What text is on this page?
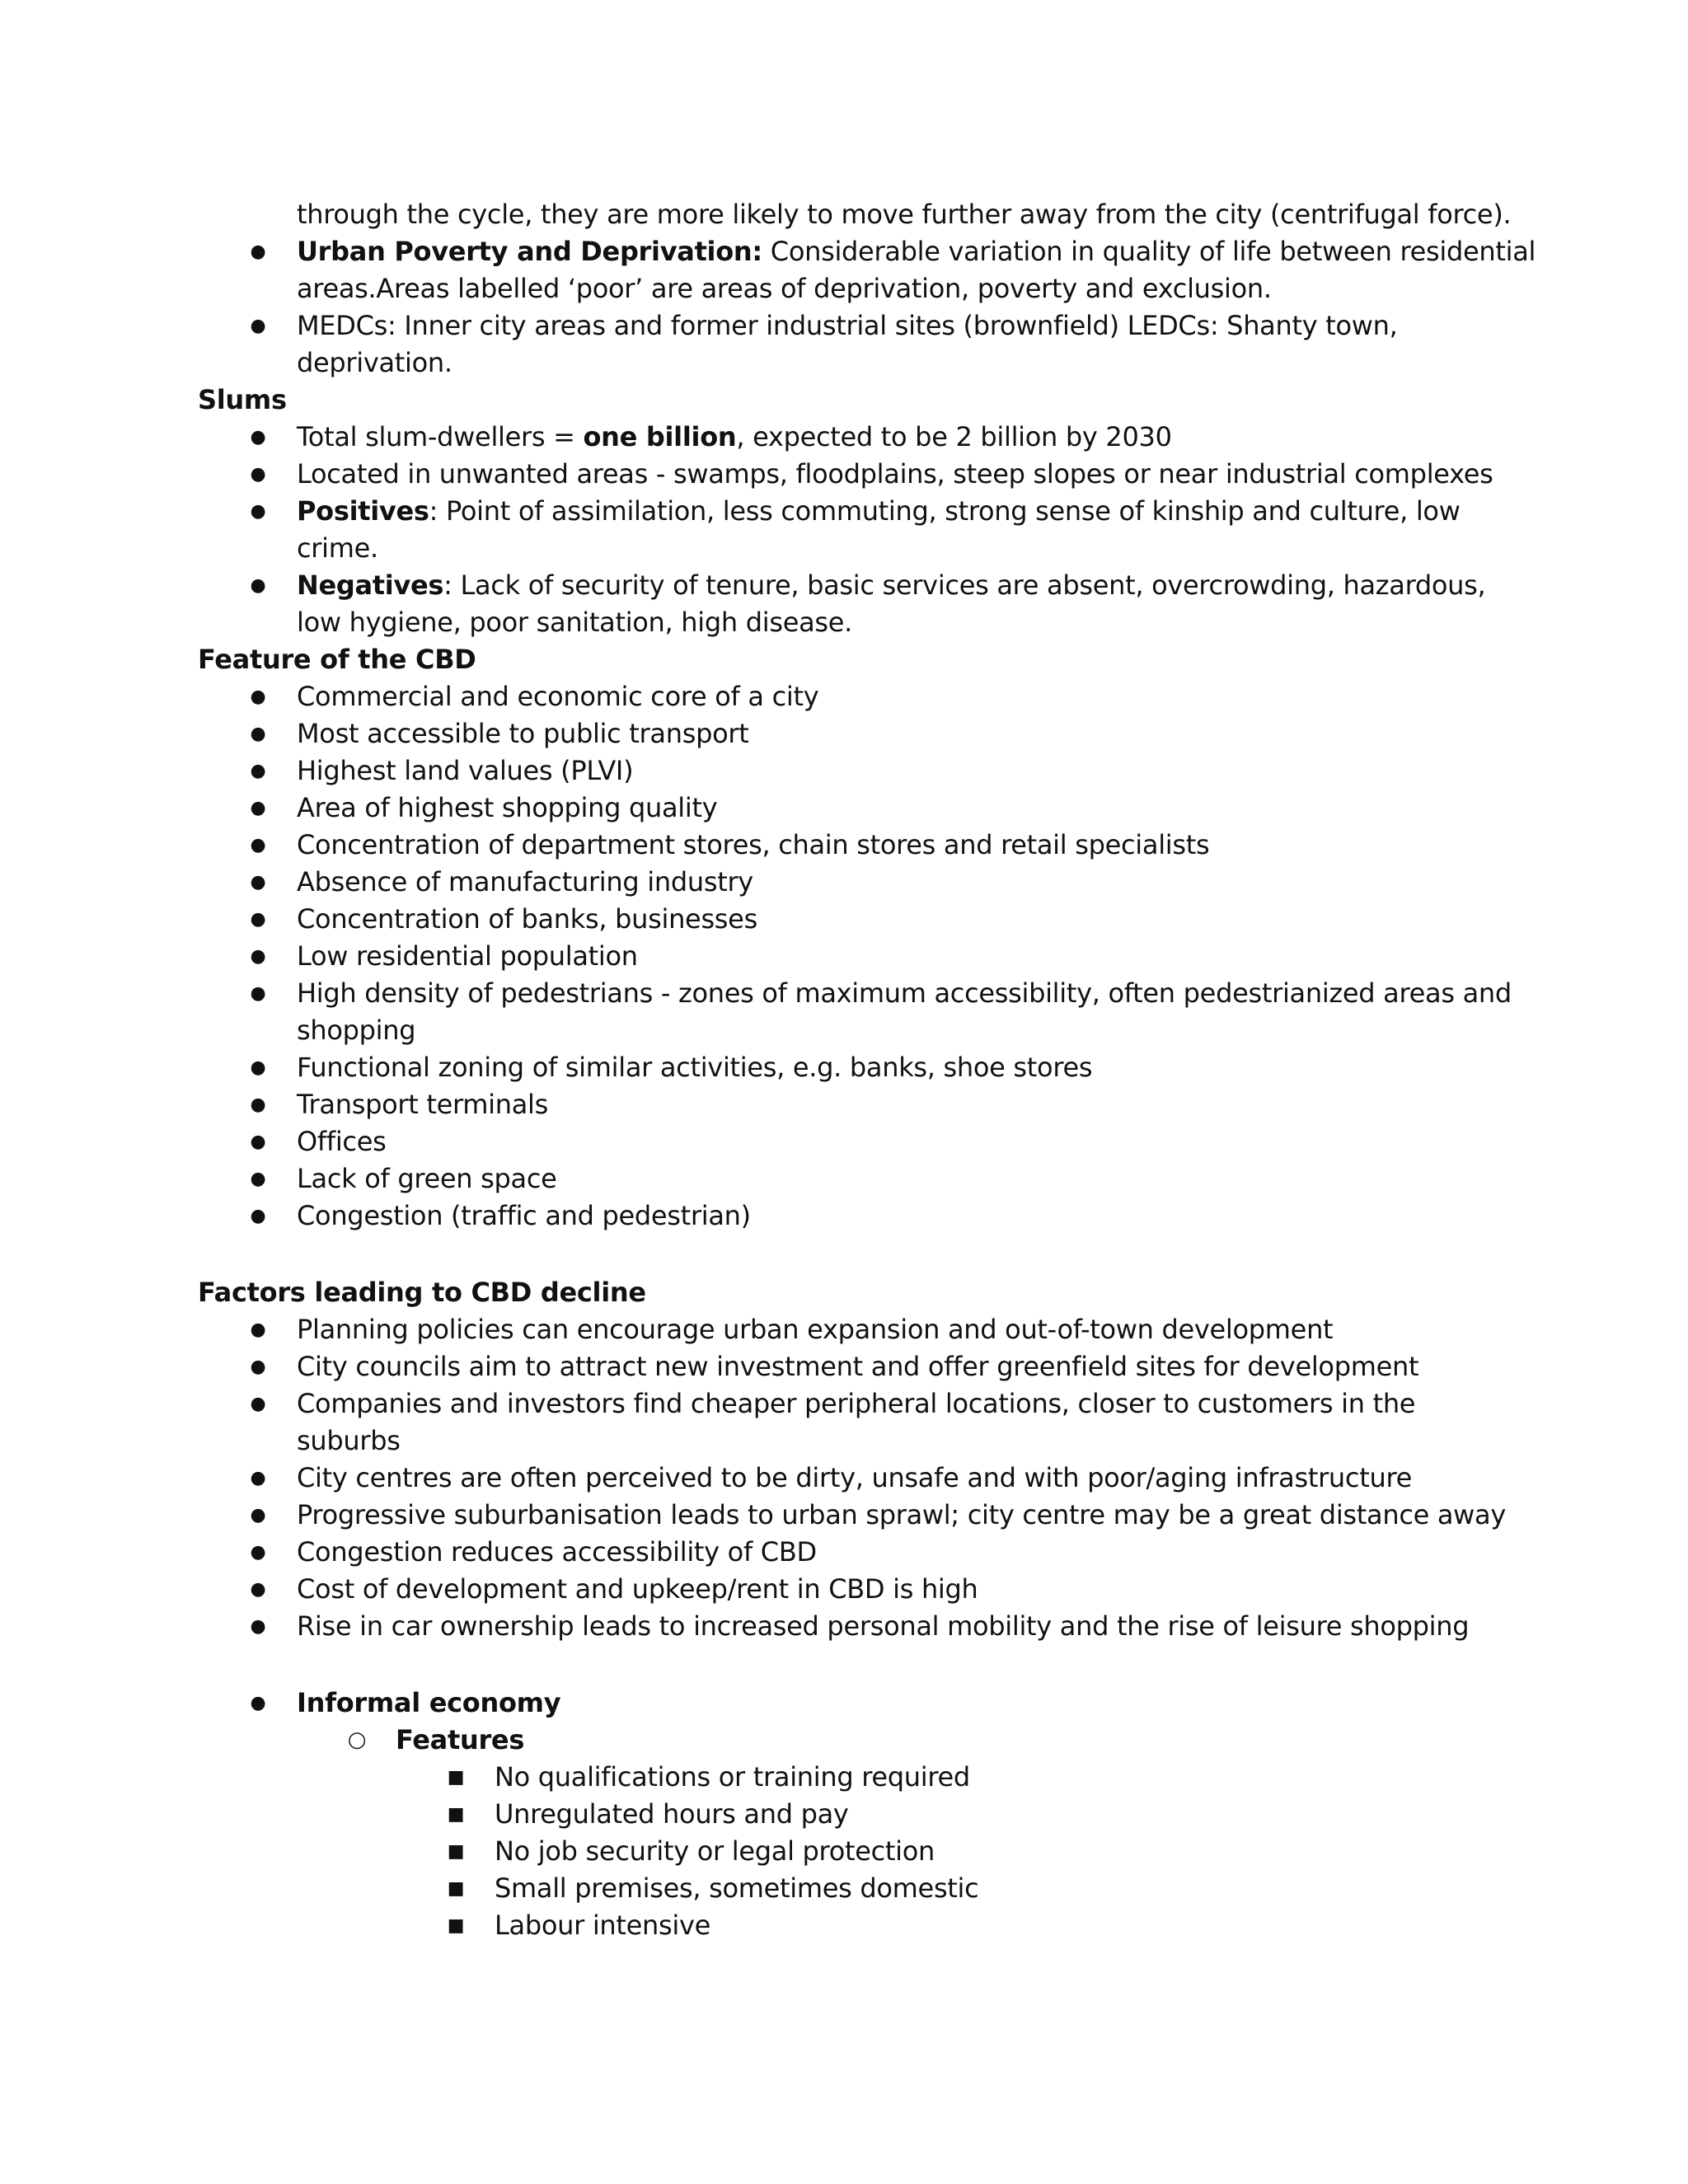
through the cycle, they are more likely to move further away from the city (centrifugal force).
● Urban Poverty and Deprivation: Considerable variation in quality of life between residential
areas.Areas labelled ‘poor’ are areas of deprivation, poverty and exclusion.
● MEDCs: Inner city areas and former industrial sites (brownfield) LEDCs: Shanty town,
deprivation.
Slums
● Total slum-dwellers = one billion, expected to be 2 billion by 2030
● Located in unwanted areas - swamps, floodplains, steep slopes or near industrial complexes
● Positives: Point of assimilation, less commuting, strong sense of kinship and culture, low
crime.
● Negatives: Lack of security of tenure, basic services are absent, overcrowding, hazardous,
low hygiene, poor sanitation, high disease.
Feature of the CBD
● Commercial and economic core of a city
● Most accessible to public transport
● Highest land values (PLVI)
● Area of highest shopping quality
● Concentration of department stores, chain stores and retail specialists
● Absence of manufacturing industry
● Concentration of banks, businesses
● Low residential population
● High density of pedestrians - zones of maximum accessibility, often pedestrianized areas and
shopping
● Functional zoning of similar activities, e.g. banks, shoe stores
● Transport terminals
● Offices
● Lack of green space
● Congestion (traffic and pedestrian)
Factors leading to CBD decline
● Planning policies can encourage urban expansion and out-of-town development
● City councils aim to attract new investment and offer greenfield sites for development
● Companies and investors find cheaper peripheral locations, closer to customers in the
suburbs
● City centres are often perceived to be dirty, unsafe and with poor/aging infrastructure
● Progressive suburbanisation leads to urban sprawl; city centre may be a great distance away
● Congestion reduces accessibility of CBD
● Cost of development and upkeep/rent in CBD is high
● Rise in car ownership leads to increased personal mobility and the rise of leisure shopping
● Informal economy
○ Features
■ No qualifications or training required
■ Unregulated hours and pay
■ No job security or legal protection
■ Small premises, sometimes domestic
■ Labour intensive
